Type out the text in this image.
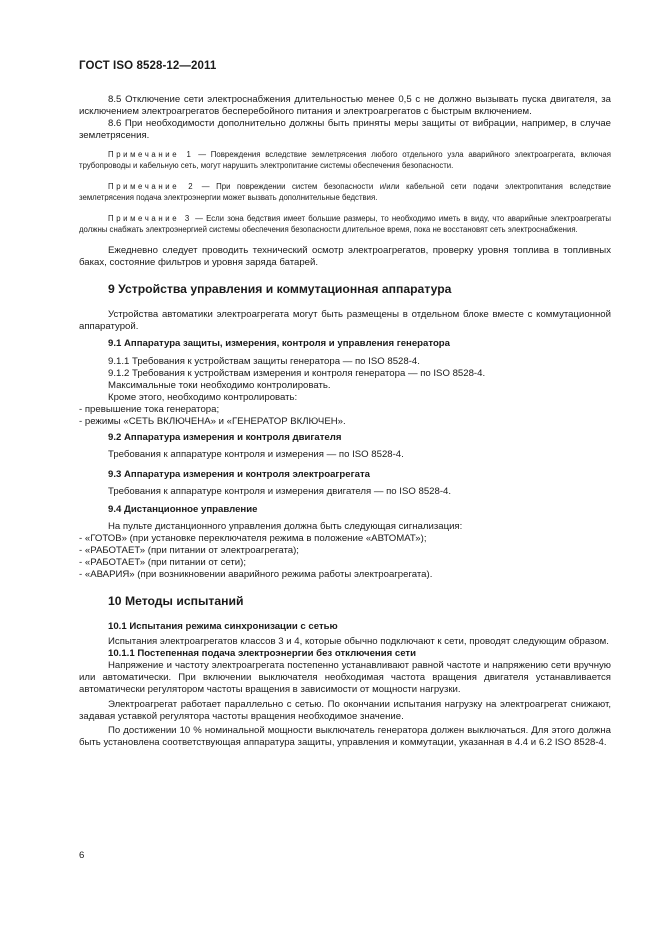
ГОСТ ISO 8528-12—2011

8.5 Отключение сети электроснабжения длительностью менее 0,5 с не должно вызывать пуска двигателя, за исключением электроагрегатов бесперебойного питания и электроагрегатов с быстрым включением.

8.6 При необходимости дополнительно должны быть приняты меры защиты от вибрации, например, в случае землетрясения.

Примечание 1 — Повреждения вследствие землетрясения любого отдельного узла аварийного электроагрегата, включая трубопроводы и кабельную сеть, могут нарушить электропитание системы обеспечения безопасности.

Примечание 2 — При повреждении систем безопасности и/или кабельной сети подачи электропитания вследствие землетрясения подача электроэнергии может вызвать дополнительные бедствия.

Примечание 3 — Если зона бедствия имеет большие размеры, то необходимо иметь в виду, что аварийные электроагрегаты должны снабжать электроэнергией системы обеспечения безопасности длительное время, пока не восстановят сеть электроснабжения.

Ежедневно следует проводить технический осмотр электроагрегатов, проверку уровня топлива в топливных баках, состояние фильтров и уровня заряда батарей.

9 Устройства управления и коммутационная аппаратура

Устройства автоматики электроагрегата могут быть размещены в отдельном блоке вместе с коммутационной аппаратурой.

9.1 Аппаратура защиты, измерения, контроля и управления генератора

9.1.1 Требования к устройствам защиты генератора — по ISO 8528-4.

9.1.2 Требования к устройствам измерения и контроля генератора — по ISO 8528-4.

Максимальные токи необходимо контролировать.

Кроме этого, необходимо контролировать:

- превышение тока генератора;

- режимы «СЕТЬ ВКЛЮЧЕНА» и «ГЕНЕРАТОР ВКЛЮЧЕН».

9.2 Аппаратура измерения и контроля двигателя

Требования к аппаратуре контроля и измерения — по ISO 8528-4.

9.3 Аппаратура измерения и контроля электроагрегата

Требования к аппаратуре контроля и измерения двигателя — по ISO 8528-4.

9.4 Дистанционное управление

На пульте дистанционного управления должна быть следующая сигнализация:

- «ГОТОВ» (при установке переключателя режима в положение «АВТОМАТ»);

- «РАБОТАЕТ» (при питании от электроагрегата);

- «РАБОТАЕТ» (при питании от сети);

- «АВАРИЯ» (при возникновении аварийного режима работы электроагрегата).

10 Методы испытаний

10.1 Испытания режима синхронизации с сетью

Испытания электроагрегатов классов 3 и 4, которые обычно подключают к сети, проводят следующим образом.

10.1.1 Постепенная подача электроэнергии без отключения сети

Напряжение и частоту электроагрегата постепенно устанавливают равной частоте и напряжению сети вручную или автоматически. При включении выключателя необходимая частота вращения двигателя устанавливается автоматически регулятором частоты вращения в зависимости от мощности нагрузки.

Электроагрегат работает параллельно с сетью. По окончании испытания нагрузку на электроагрегат снижают, задавая уставкой регулятора частоты вращения необходимое значение.

По достижении 10 % номинальной мощности выключатель генератора должен выключаться. Для этого должна быть установлена соответствующая аппаратура защиты, управления и коммутации, указанная в 4.4 и 6.2 ISO 8528-4.

6
